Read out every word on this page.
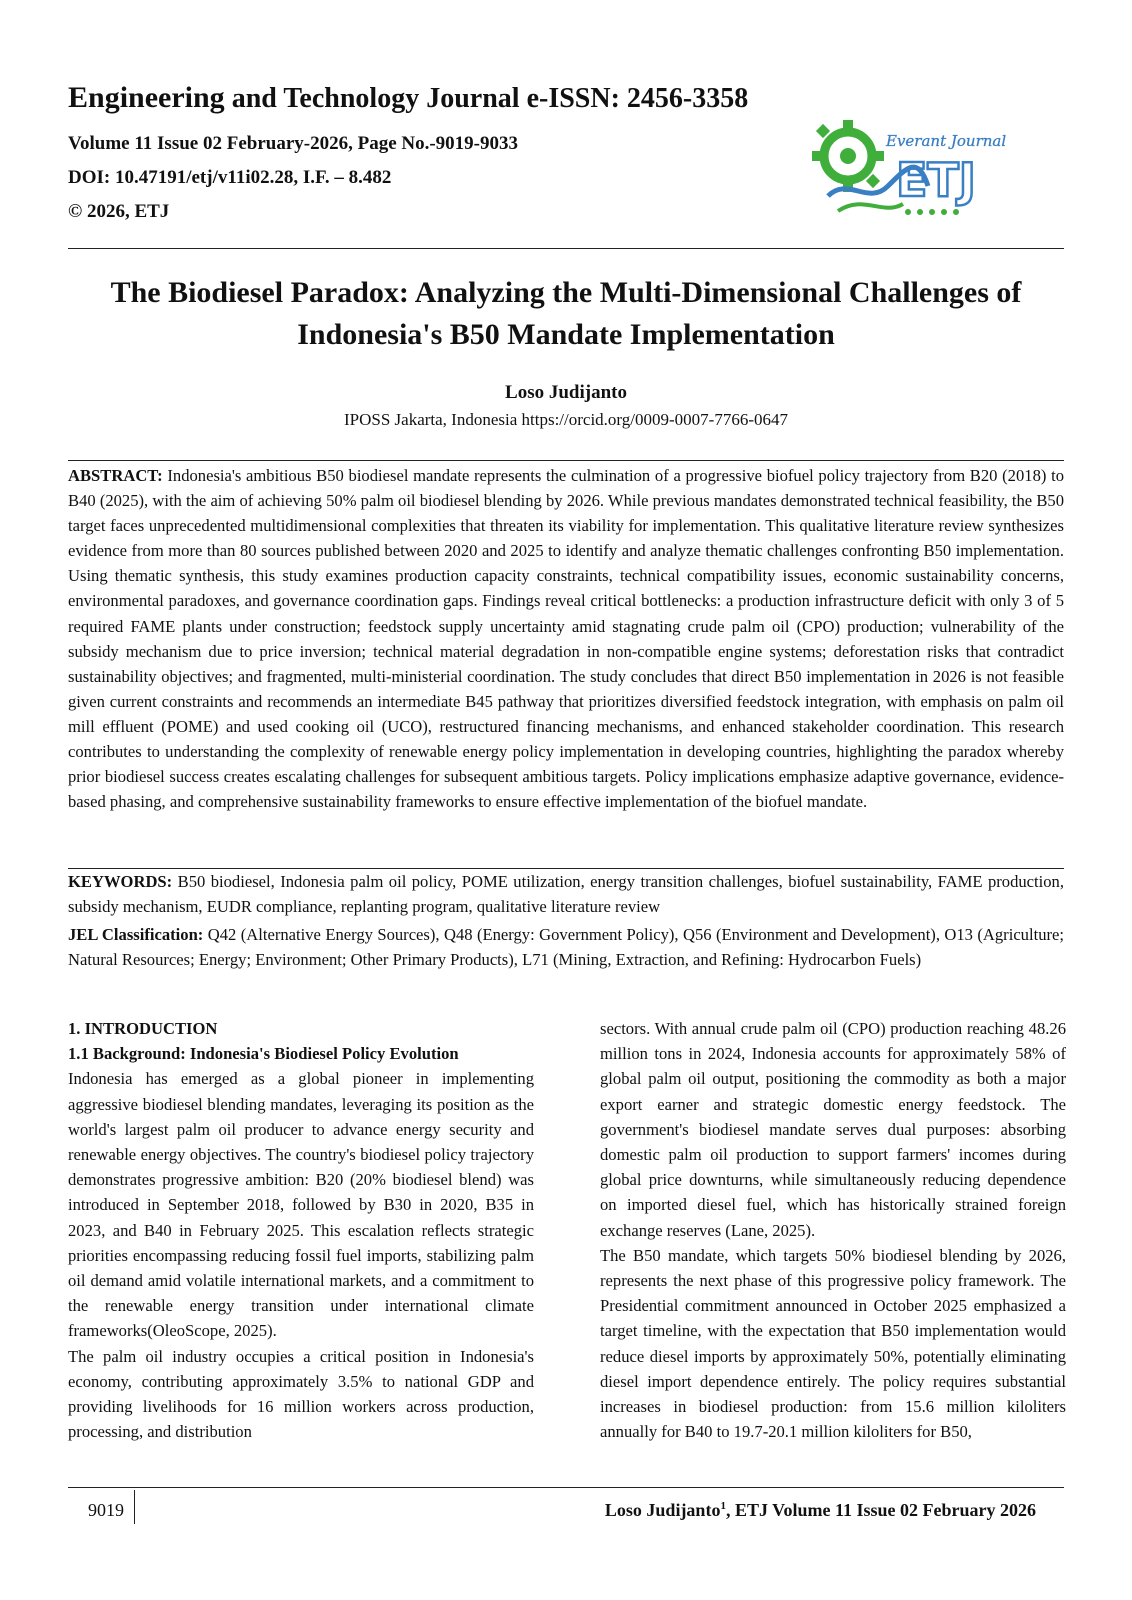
Engineering and Technology Journal e-ISSN: 2456-3358
Volume 11 Issue 02 February-2026, Page No.-9019-9033
DOI: 10.47191/etj/v11i02.28, I.F. – 8.482
© 2026, ETJ
Everant Journal
ETJ
The Biodiesel Paradox: Analyzing the Multi-Dimensional Challenges of Indonesia's B50 Mandate Implementation
Loso Judijanto
IPOSS Jakarta, Indonesia https://orcid.org/0009-0007-7766-0647
ABSTRACT: Indonesia's ambitious B50 biodiesel mandate represents the culmination of a progressive biofuel policy trajectory from B20 (2018) to B40 (2025), with the aim of achieving 50% palm oil biodiesel blending by 2026. While previous mandates demonstrated technical feasibility, the B50 target faces unprecedented multidimensional complexities that threaten its viability for implementation. This qualitative literature review synthesizes evidence from more than 80 sources published between 2020 and 2025 to identify and analyze thematic challenges confronting B50 implementation. Using thematic synthesis, this study examines production capacity constraints, technical compatibility issues, economic sustainability concerns, environmental paradoxes, and governance coordination gaps. Findings reveal critical bottlenecks: a production infrastructure deficit with only 3 of 5 required FAME plants under construction; feedstock supply uncertainty amid stagnating crude palm oil (CPO) production; vulnerability of the subsidy mechanism due to price inversion; technical material degradation in non-compatible engine systems; deforestation risks that contradict sustainability objectives; and fragmented, multi-ministerial coordination. The study concludes that direct B50 implementation in 2026 is not feasible given current constraints and recommends an intermediate B45 pathway that prioritizes diversified feedstock integration, with emphasis on palm oil mill effluent (POME) and used cooking oil (UCO), restructured financing mechanisms, and enhanced stakeholder coordination. This research contributes to understanding the complexity of renewable energy policy implementation in developing countries, highlighting the paradox whereby prior biodiesel success creates escalating challenges for subsequent ambitious targets. Policy implications emphasize adaptive governance, evidence-based phasing, and comprehensive sustainability frameworks to ensure effective implementation of the biofuel mandate.
KEYWORDS: B50 biodiesel, Indonesia palm oil policy, POME utilization, energy transition challenges, biofuel sustainability, FAME production, subsidy mechanism, EUDR compliance, replanting program, qualitative literature review
JEL Classification: Q42 (Alternative Energy Sources), Q48 (Energy: Government Policy), Q56 (Environment and Development), O13 (Agriculture; Natural Resources; Energy; Environment; Other Primary Products), L71 (Mining, Extraction, and Refining: Hydrocarbon Fuels)

1. INTRODUCTION

1.1 Background: Indonesia's Biodiesel Policy Evolution

Indonesia has emerged as a global pioneer in implementing aggressive biodiesel blending mandates, leveraging its position as the world's largest palm oil producer to advance energy security and renewable energy objectives. The country's biodiesel policy trajectory demonstrates progressive ambition: B20 (20% biodiesel blend) was introduced in September 2018, followed by B30 in 2020, B35 in 2023, and B40 in February 2025. This escalation reflects strategic priorities encompassing reducing fossil fuel imports, stabilizing palm oil demand amid volatile international markets, and a commitment to the renewable energy transition under international climate frameworks(OleoScope, 2025).

The palm oil industry occupies a critical position in Indonesia's economy, contributing approximately 3.5% to national GDP and providing livelihoods for 16 million workers across production, processing, and distribution

sectors. With annual crude palm oil (CPO) production reaching 48.26 million tons in 2024, Indonesia accounts for approximately 58% of global palm oil output, positioning the commodity as both a major export earner and strategic domestic energy feedstock. The government's biodiesel mandate serves dual purposes: absorbing domestic palm oil production to support farmers' incomes during global price downturns, while simultaneously reducing dependence on imported diesel fuel, which has historically strained foreign exchange reserves (Lane, 2025).

The B50 mandate, which targets 50% biodiesel blending by 2026, represents the next phase of this progressive policy framework. The Presidential commitment announced in October 2025 emphasized a target timeline, with the expectation that B50 implementation would reduce diesel imports by approximately 50%, potentially eliminating diesel import dependence entirely. The policy requires substantial increases in biodiesel production: from 15.6 million kiloliters annually for B40 to 19.7-20.1 million kiloliters for B50,

9019	Loso Judijanto$^1$, ETJ Volume 11 Issue 02 February 2026
